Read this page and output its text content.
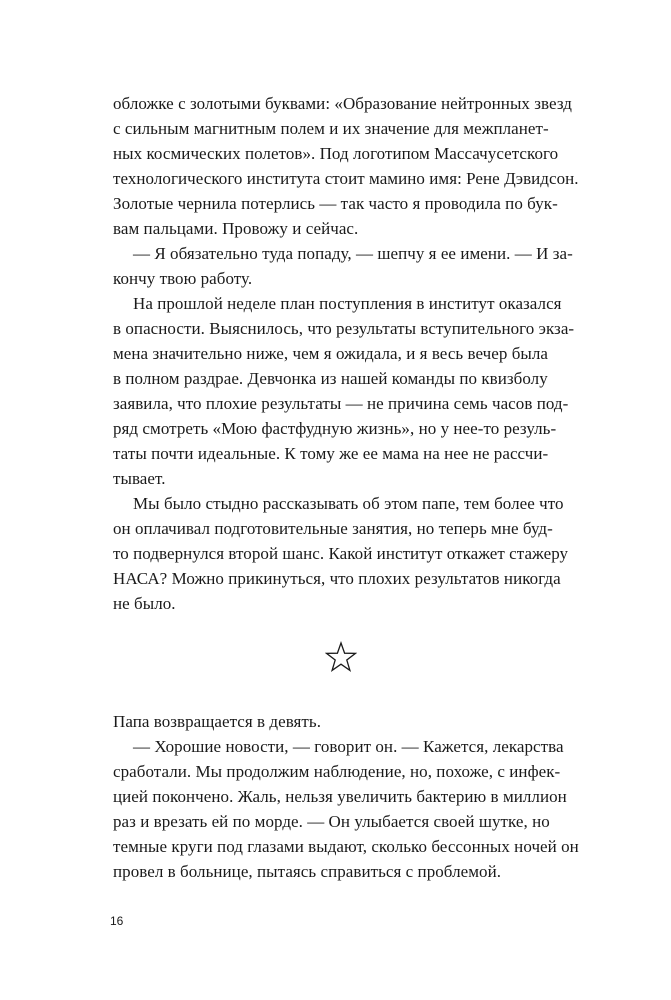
обложке с золотыми буквами: «Образование нейтронных звезд
с сильным магнитным полем и их значение для межпланет-
ных космических полетов». Под логотипом Массачусетского
технологического института стоит мамино имя: Рене Дэвидсон.
Золотые чернила потерлись — так часто я проводила по бук-
вам пальцами. Провожу и сейчас.
— Я обязательно туда попаду, — шепчу я ее имени. — И за-
кончу твою работу.
На прошлой неделе план поступления в институт оказался
в опасности. Выяснилось, что результаты вступительного экза-
мена значительно ниже, чем я ожидала, и я весь вечер была
в полном раздрае. Девчонка из нашей команды по квизболу
заявила, что плохие результаты — не причина семь часов под-
ряд смотреть «Мою фастфудную жизнь», но у нее-то резуль-
таты почти идеальные. К тому же ее мама на нее не рассчи-
тывает.
Мы было стыдно рассказывать об этом папе, тем более что
он оплачивал подготовительные занятия, но теперь мне буд-
то подвернулся второй шанс. Какой институт откажет стажеру
НАСА? Можно прикинуться, что плохих результатов никогда
не было.
Папа возвращается в девять.
— Хорошие новости, — говорит он. — Кажется, лекарства
сработали. Мы продолжим наблюдение, но, похоже, с инфек-
цией покончено. Жаль, нельзя увеличить бактерию в миллион
раз и врезать ей по морде. — Он улыбается своей шутке, но
темные круги под глазами выдают, сколько бессонных ночей он
провел в больнице, пытаясь справиться с проблемой.
16
